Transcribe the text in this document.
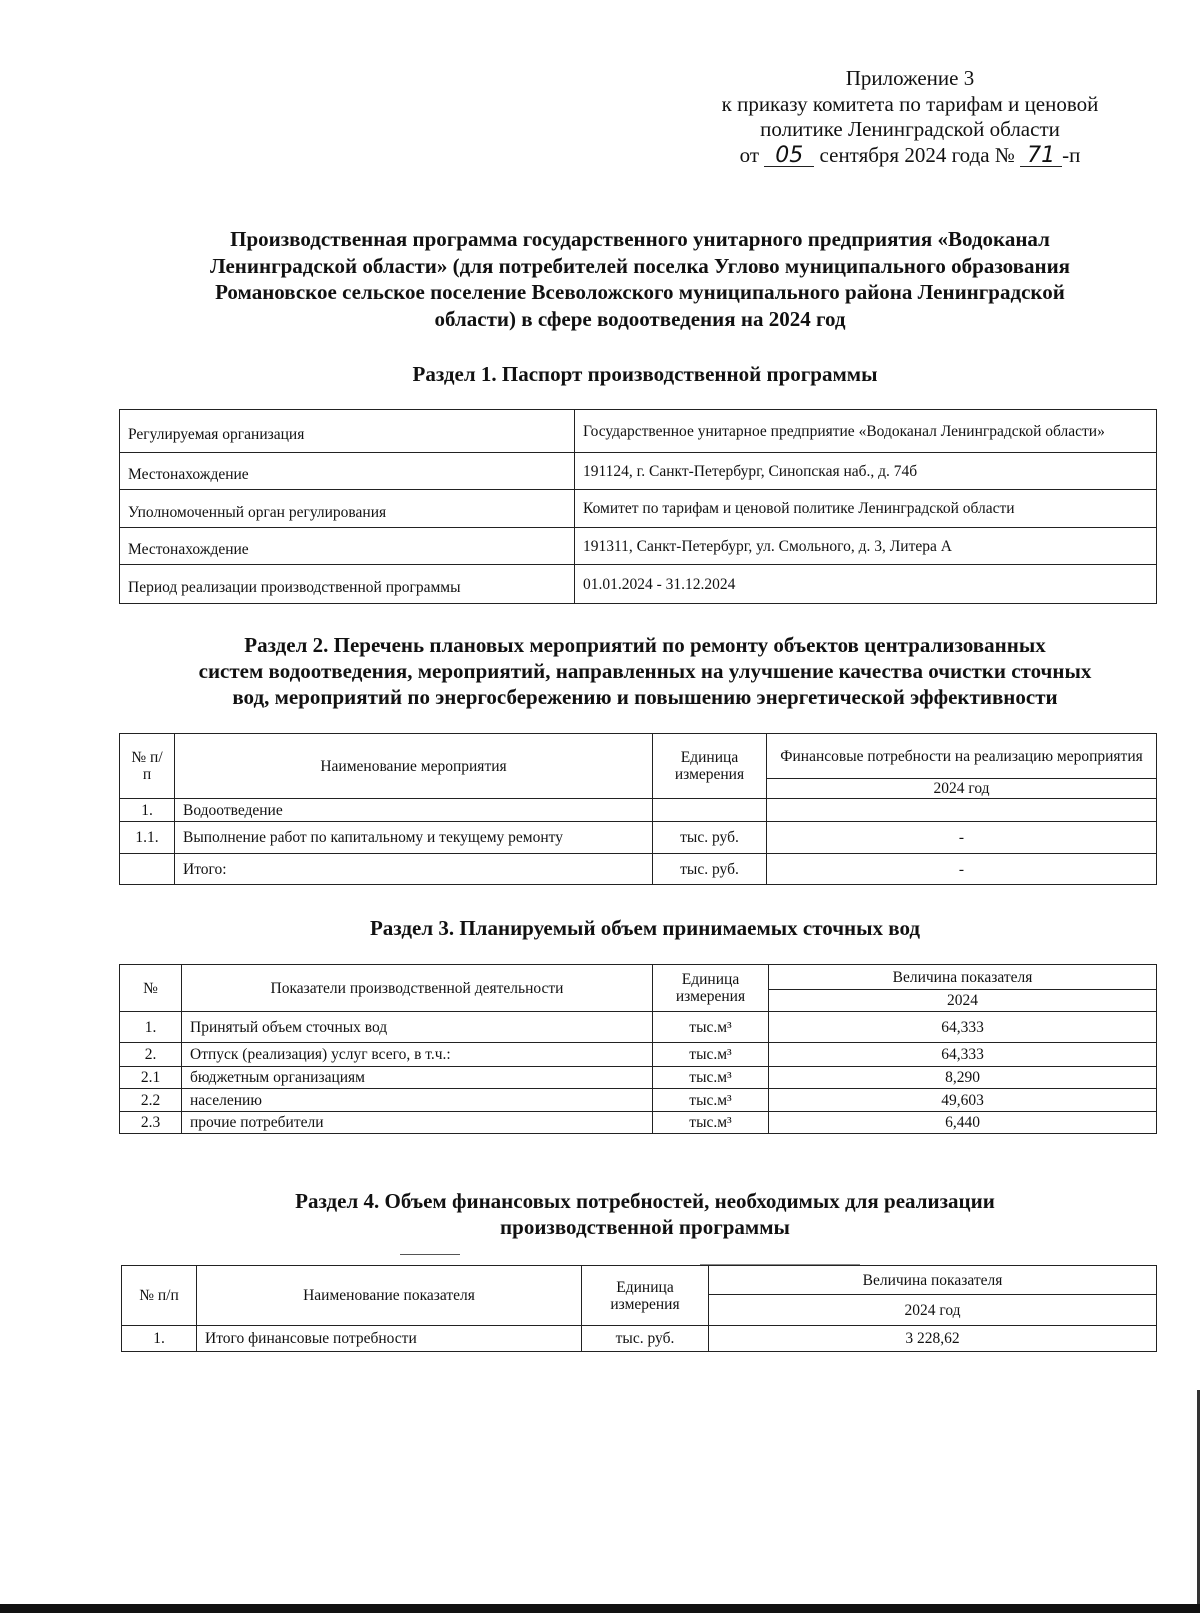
Приложение 3
к приказу комитета по тарифам и ценовой
политике Ленинградской области
от 05 сентября 2024 года № 71 -п
Производственная программа государственного унитарного предприятия «Водоканал
Ленинградской области» (для потребителей поселка Углово муниципального образования
Романовское сельское поселение Всеволожского муниципального района Ленинградской
области) в сфере водоотведения на 2024 год
Раздел 1. Паспорт производственной программы
Регулируемая организация	Государственное унитарное предприятие «Водоканал Ленинградской области»
Местонахождение	191124, г. Санкт-Петербург, Синопская наб., д. 74б
Уполномоченный орган регулирования	Комитет по тарифам и ценовой политике Ленинградской области
Местонахождение	191311, Санкт-Петербург, ул. Смольного, д. 3, Литера А
Период реализации производственной программы	01.01.2024 - 31.12.2024
Раздел 2. Перечень плановых мероприятий по ремонту объектов централизованных
систем водоотведения, мероприятий, направленных на улучшение качества очистки сточных
вод, мероприятий по энергосбережению и повышению энергетической эффективности
№ п/п	Наименование мероприятия	Единица измерения	Финансовые потребности на реализацию мероприятия
			2024 год
1.	Водоотведение		
1.1.	Выполнение работ по капитальному и текущему ремонту	тыс. руб.	-
	Итого:	тыс. руб.	-
Раздел 3. Планируемый объем принимаемых сточных вод
№	Показатели производственной деятельности	Единица измерения	Величина показателя
			2024
1.	Принятый объем сточных вод	тыс.м³	64,333
2.	Отпуск (реализация) услуг всего, в т.ч.:	тыс.м³	64,333
2.1	бюджетным организациям	тыс.м³	8,290
2.2	населению	тыс.м³	49,603
2.3	прочие потребители	тыс.м³	6,440
Раздел 4. Объем финансовых потребностей, необходимых для реализации
производственной программы
№ п/п	Наименование показателя	Единица измерения	Величина показателя
			2024 год
1.	Итого финансовые потребности	тыс. руб.	3 228,62
